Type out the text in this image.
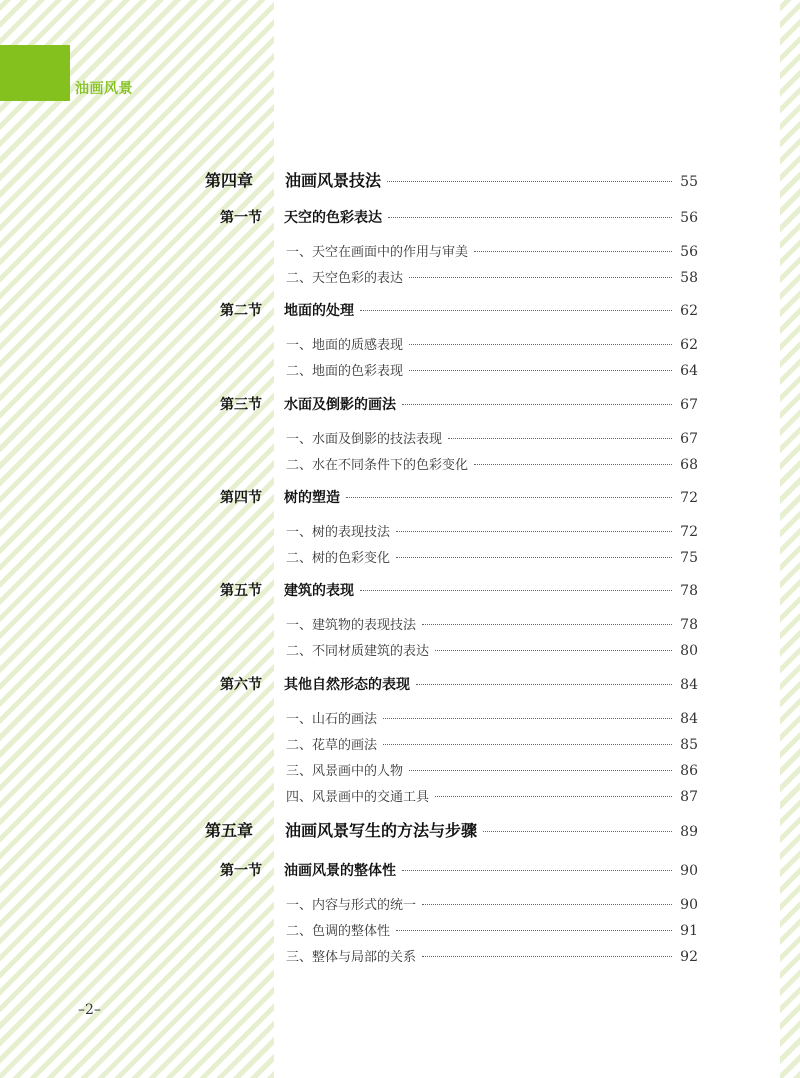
油画风景
–2–
第四章	油画风景技法	55
第一节	天空的色彩表达	56
一、天空在画面中的作用与审美	56
二、天空色彩的表达	58
第二节	地面的处理	62
一、地面的质感表现	62
二、地面的色彩表现	64
第三节	水面及倒影的画法	67
一、水面及倒影的技法表现	67
二、水在不同条件下的色彩变化	68
第四节	树的塑造	72
一、树的表现技法	72
二、树的色彩变化	75
第五节	建筑的表现	78
一、建筑物的表现技法	78
二、不同材质建筑的表达	80
第六节	其他自然形态的表现	84
一、山石的画法	84
二、花草的画法	85
三、风景画中的人物	86
四、风景画中的交通工具	87
第五章	油画风景写生的方法与步骤	89
第一节	油画风景的整体性	90
一、内容与形式的统一	90
二、色调的整体性	91
三、整体与局部的关系	92
